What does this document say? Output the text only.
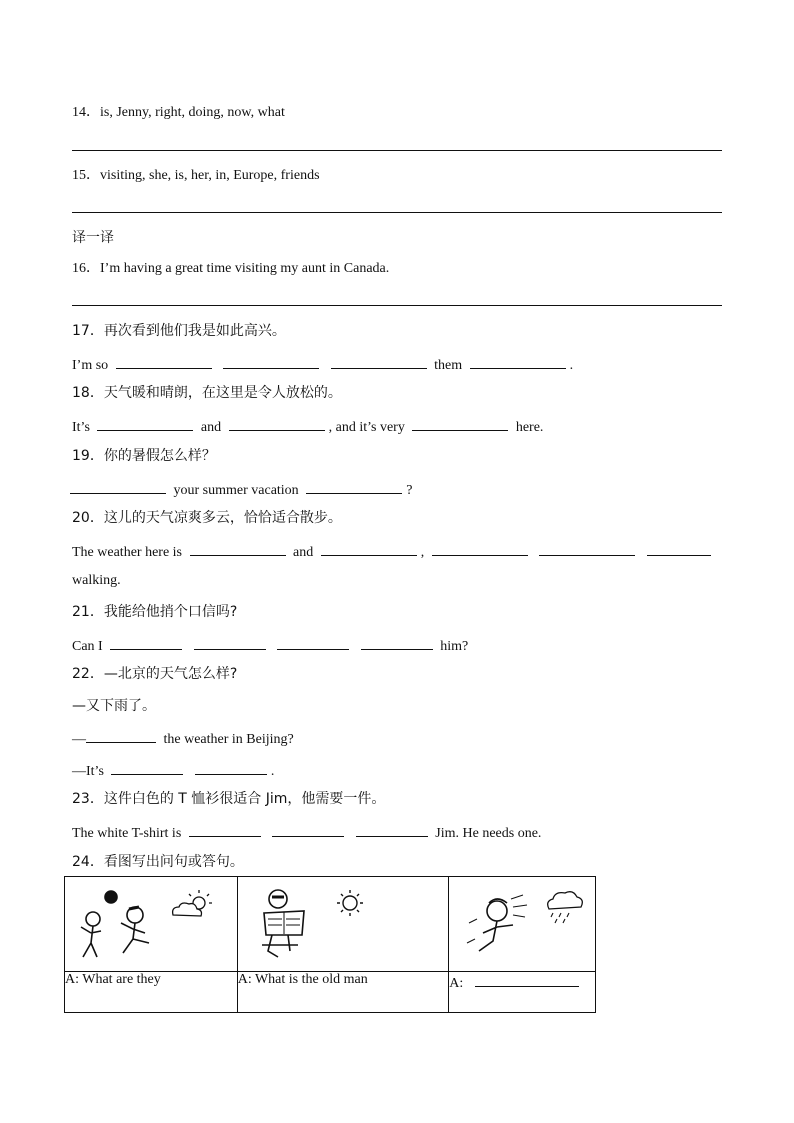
14．is, Jenny, right, doing, now, what
15．visiting, she, is, her, in, Europe, friends
译一译
16．I’m having a great time visiting my aunt in Canada.
17．再次看到他们我是如此高兴。
I’m so	them	.
18．天气暖和晴朗，在这里是令人放松的。
It’s	and	, and it’s very	here.
19．你的暑假怎么样？
your summer vacation	?
20．这儿的天气凉爽多云，恰恰适合散步。
The weather here is	and	,
walking.
21．我能给他捎个口信吗?
Can I	him?
22．—北京的天气怎么样?
—又下雨了。
—	the weather in Beijing?
—It’s	.
23．这件白色的 T 恤衫很适合 Jim，他需要一件。
The white T-shirt is	Jim. He needs one.
24．看图写出问句或答句。

A: What are they	A: What is the old man	A:
